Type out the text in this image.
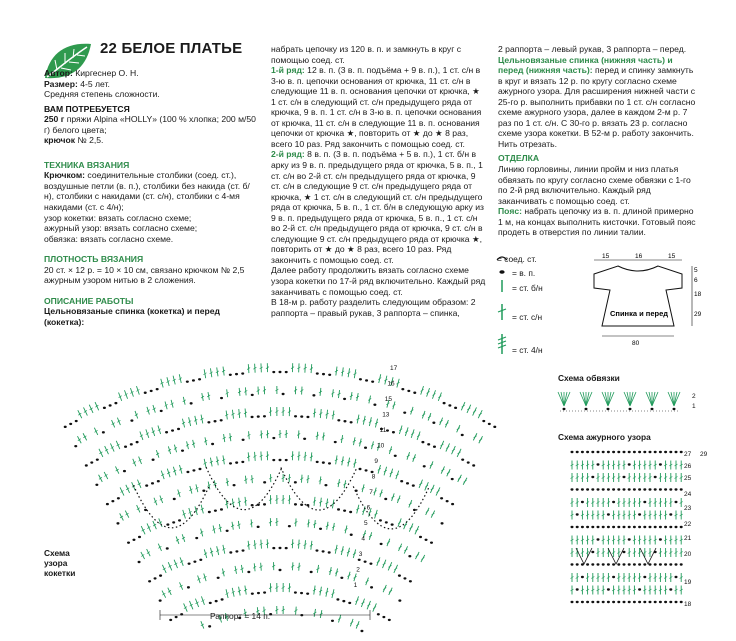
22 БЕЛОЕ ПЛАТЬЕ

Автор: Киргеснер О. Н.

Размер: 4-5 лет.

Средняя степень сложности.

ВАМ ПОТРЕБУЕТСЯ

250 г пряжи Alpina «HOLLY» (100 % хлопка; 200 м/50 г) белого цвета;

крючок № 2,5.

ТЕХНИКА ВЯЗАНИЯ

Крючком: соединительные столбики (соед. ст.), воздушные петли (в. п.), столбики без накида (ст. б/н), столбики с накидами (ст. с/н), столбики с 4-мя накидами (ст. с 4/н);

узор кокетки: вязать согласно схеме;

ажурный узор: вязать согласно схеме;

обвязка: вязать согласно схеме.

ПЛОТНОСТЬ ВЯЗАНИЯ

20 ст. × 12 р. = 10 × 10 см, связано крючком № 2,5 ажурным узором нитью в 2 сложения.

ОПИСАНИЕ РАБОТЫ

Цельновязаные спинка (кокетка) и перед (кокетка):

набрать цепочку из 120 в. п. и замкнуть в круг с помощью соед. ст.

1-й ряд: 12 в. п. (3 в. п. подъёма + 9 в. п.), 1 ст. с/н в 3-ю в. п. цепочки основания от крючка, 11 ст. с/н в следующие 11 в. п. основания цепочки от крючка, ★ 1 ст. с/н в следующий ст. с/н предыдущего ряда от крючка, 9 в. п. 1 ст. с/н в 3-ю в. п. цепочки основания от крючка, 11 ст. с/н в следующие 11 в. п. основания цепочки от крючка ★, повторить от ★ до ★ 8 раз, всего 10 раз. Ряд закончить с помощью соед. ст.

2-й ряд: 8 в. п. (3 в. п. подъёма + 5 в. п.), 1 ст. б/н в арку из 9 в. п. предыдущего ряда от крючка, 5 в. п., 1 ст. с/н во 2-й ст. с/н предыдущего ряда от крючка, 9 ст. с/н в следующие 9 ст. с/н предыдущего ряда от крючка, ★ 1 ст. с/н в следующий ст. с/н предыдущего ряда от крючка, 5 в. п., 1 ст. б/н в следующую арку из 9 в. п. предыдущего ряда от крючка, 5 в. п., 1 ст. с/н во 2-й ст. с/н предыдущего ряда от крючка, 9 ст. с/н в следующие 9 ст. с/н предыдущего ряда от крючка ★, повторить от ★ до ★ 8 раз, всего 10 раз. Ряд закончить с помощью соед. ст.

Далее работу продолжить вязать согласно схеме узора кокетки по 17-й ряд включительно. Каждый ряд заканчивать с помощью соед. ст.

В 18-м р. работу разделить следующим образом: 2 раппорта – правый рукав, 3 раппорта – спинка,

2 раппорта – левый рукав, 3 раппорта – перед.

Цельновязаные спинка (нижняя часть) и перед (нижняя часть): перед и спинку замкнуть в круг и вязать 12 р. по кругу согласно схеме ажурного узора. Для расширения нижней части с 25-го р. выполнить прибавки по 1 ст. с/н согласно схеме ажурного узора, далее в каждом 2-м р. 7 раз по 1 ст. с/н. С 30-го р. вязать 23 р. согласно схеме узора кокетки. В 52-м р. работу закончить. Нить отрезать.

ОТДЕЛКА

Линию горловины, линии пройм и низ платья обвязать по кругу согласно схеме обвязки с 1-го по 2-й ряд включительно. Каждый ряд заканчивать с помощью соед. ст.

Пояс: набрать цепочку из в. п. длиной примерно 1 м, на концах выполнить кисточки. Готовый пояс продеть в отверстия по линии талии.

= соед. ст.
= в. п.
= ст. б/н
= ст. с/н
= ст. 4/н
15	16	15
5
6
18
29
80
Спинка и перед
17
16
15
13
11
10
9
8
7
6
5
4
3
2
1
Схема узора кокетки
Раппорт = 14 п.
Схема обвязки
2
1
Схема ажурного узора
27 29
26
25
24
23
22
21
20
19
18
